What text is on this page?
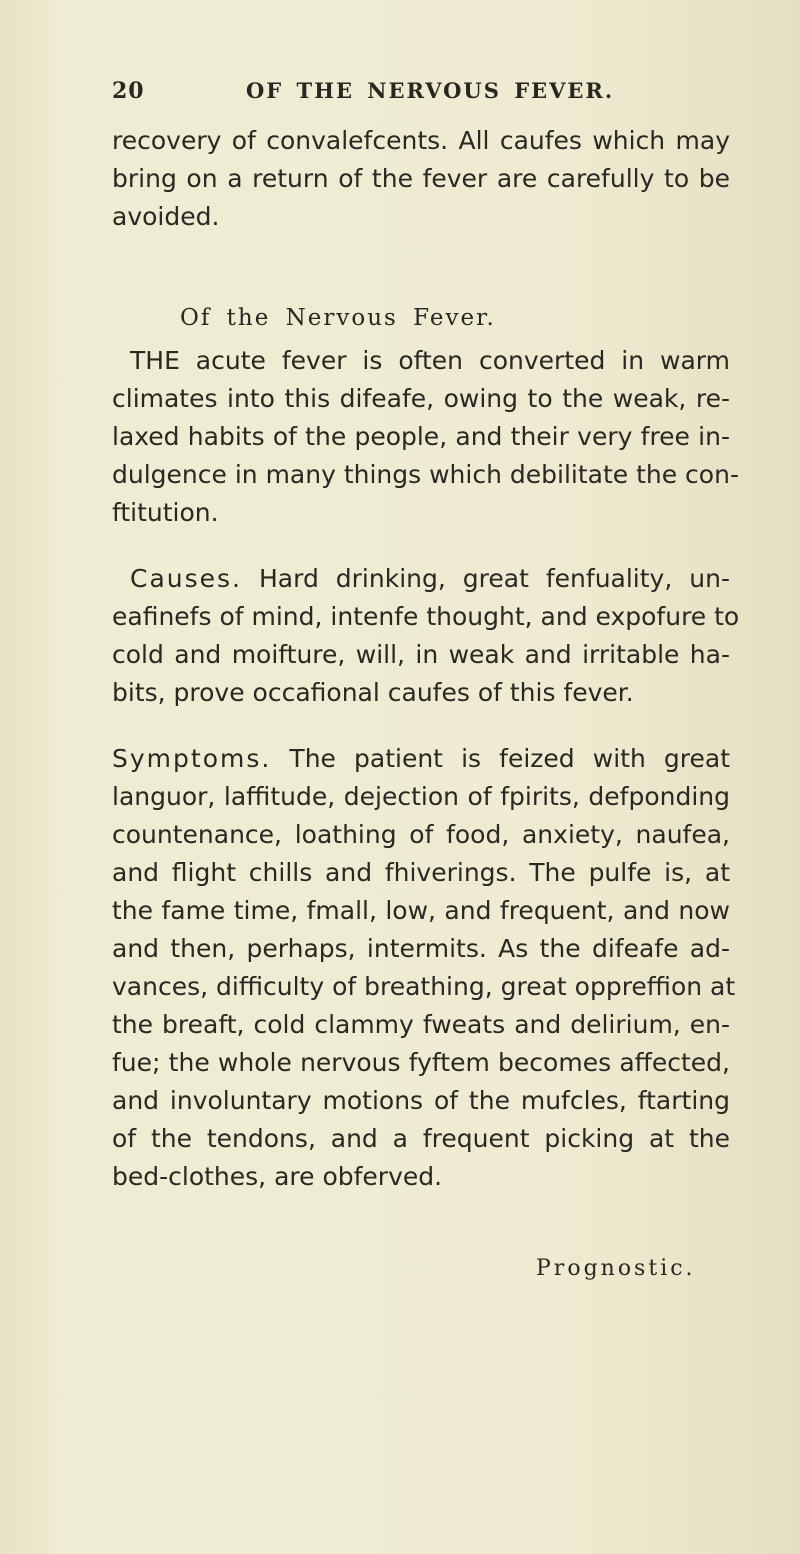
20	OF THE NERVOUS FEVER.
recovery of convalefcents. All caufes which may
bring on a return of the fever are carefully to be
avoided.
Of the Nervous Fever.
THE acute fever is often converted in warm
climates into this difeafe, owing to the weak, re-
laxed habits of the people, and their very free in-
dulgence in many things which debilitate the con-
ftitution.
Causes. Hard drinking, great fenfuality, un-
eafinefs of mind, intenfe thought, and expofure to
cold and moifture, will, in weak and irritable ha-
bits, prove occafional caufes of this fever.
Symptoms. The patient is feized with great
languor, laffitude, dejection of fpirits, defponding
countenance, loathing of food, anxiety, naufea,
and flight chills and fhiverings. The pulfe is, at
the fame time, fmall, low, and frequent, and now
and then, perhaps, intermits. As the difeafe ad-
vances, difficulty of breathing, great oppreffion at
the breaft, cold clammy fweats and delirium, en-
fue; the whole nervous fyftem becomes affected,
and involuntary motions of the mufcles, ftarting
of the tendons, and a frequent picking at the
bed-clothes, are obferved.
Prognostic.
